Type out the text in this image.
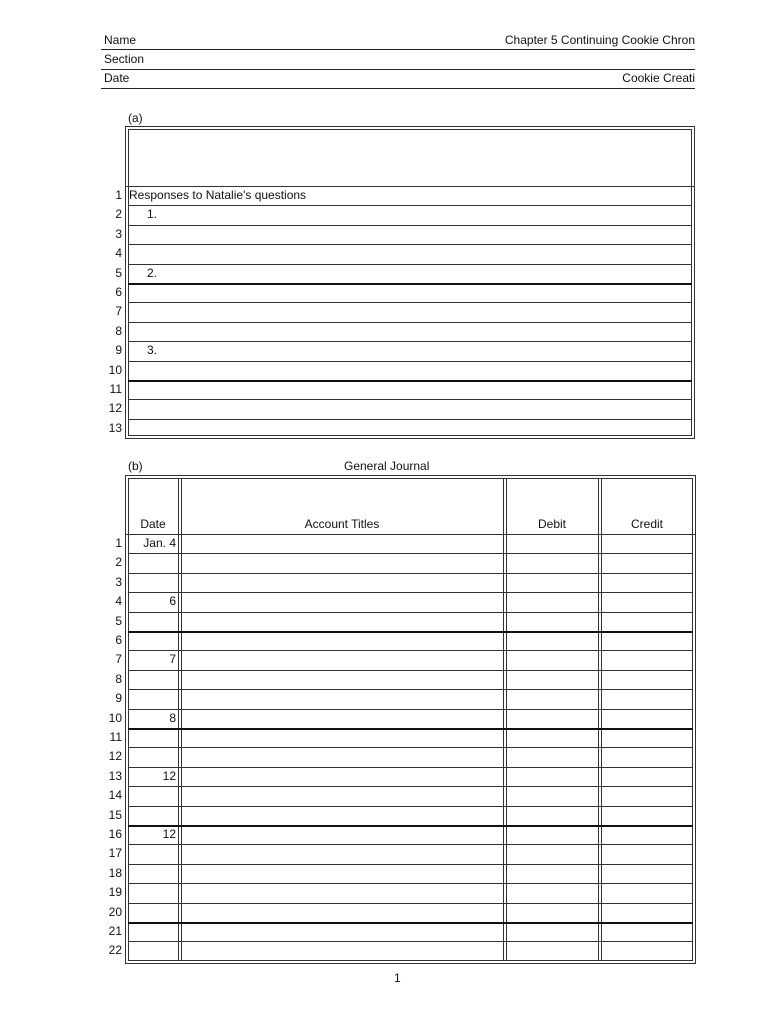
Name	Chapter 5 Continuing Cookie Chron
Section
Date	Cookie Creati
(a)
1 Responses to Natalie's questions
2 1.
3
4
5 2.
6
7
8
9 3.
10
11
12
13
(b)	General Journal
Date	Account Titles	Debit	Credit
1	Jan. 4
2
3
4	6
5
6
7	7
8
9
10	8
11
12
13	12
14
15
16	12
17
18
19
20
21
22
1
